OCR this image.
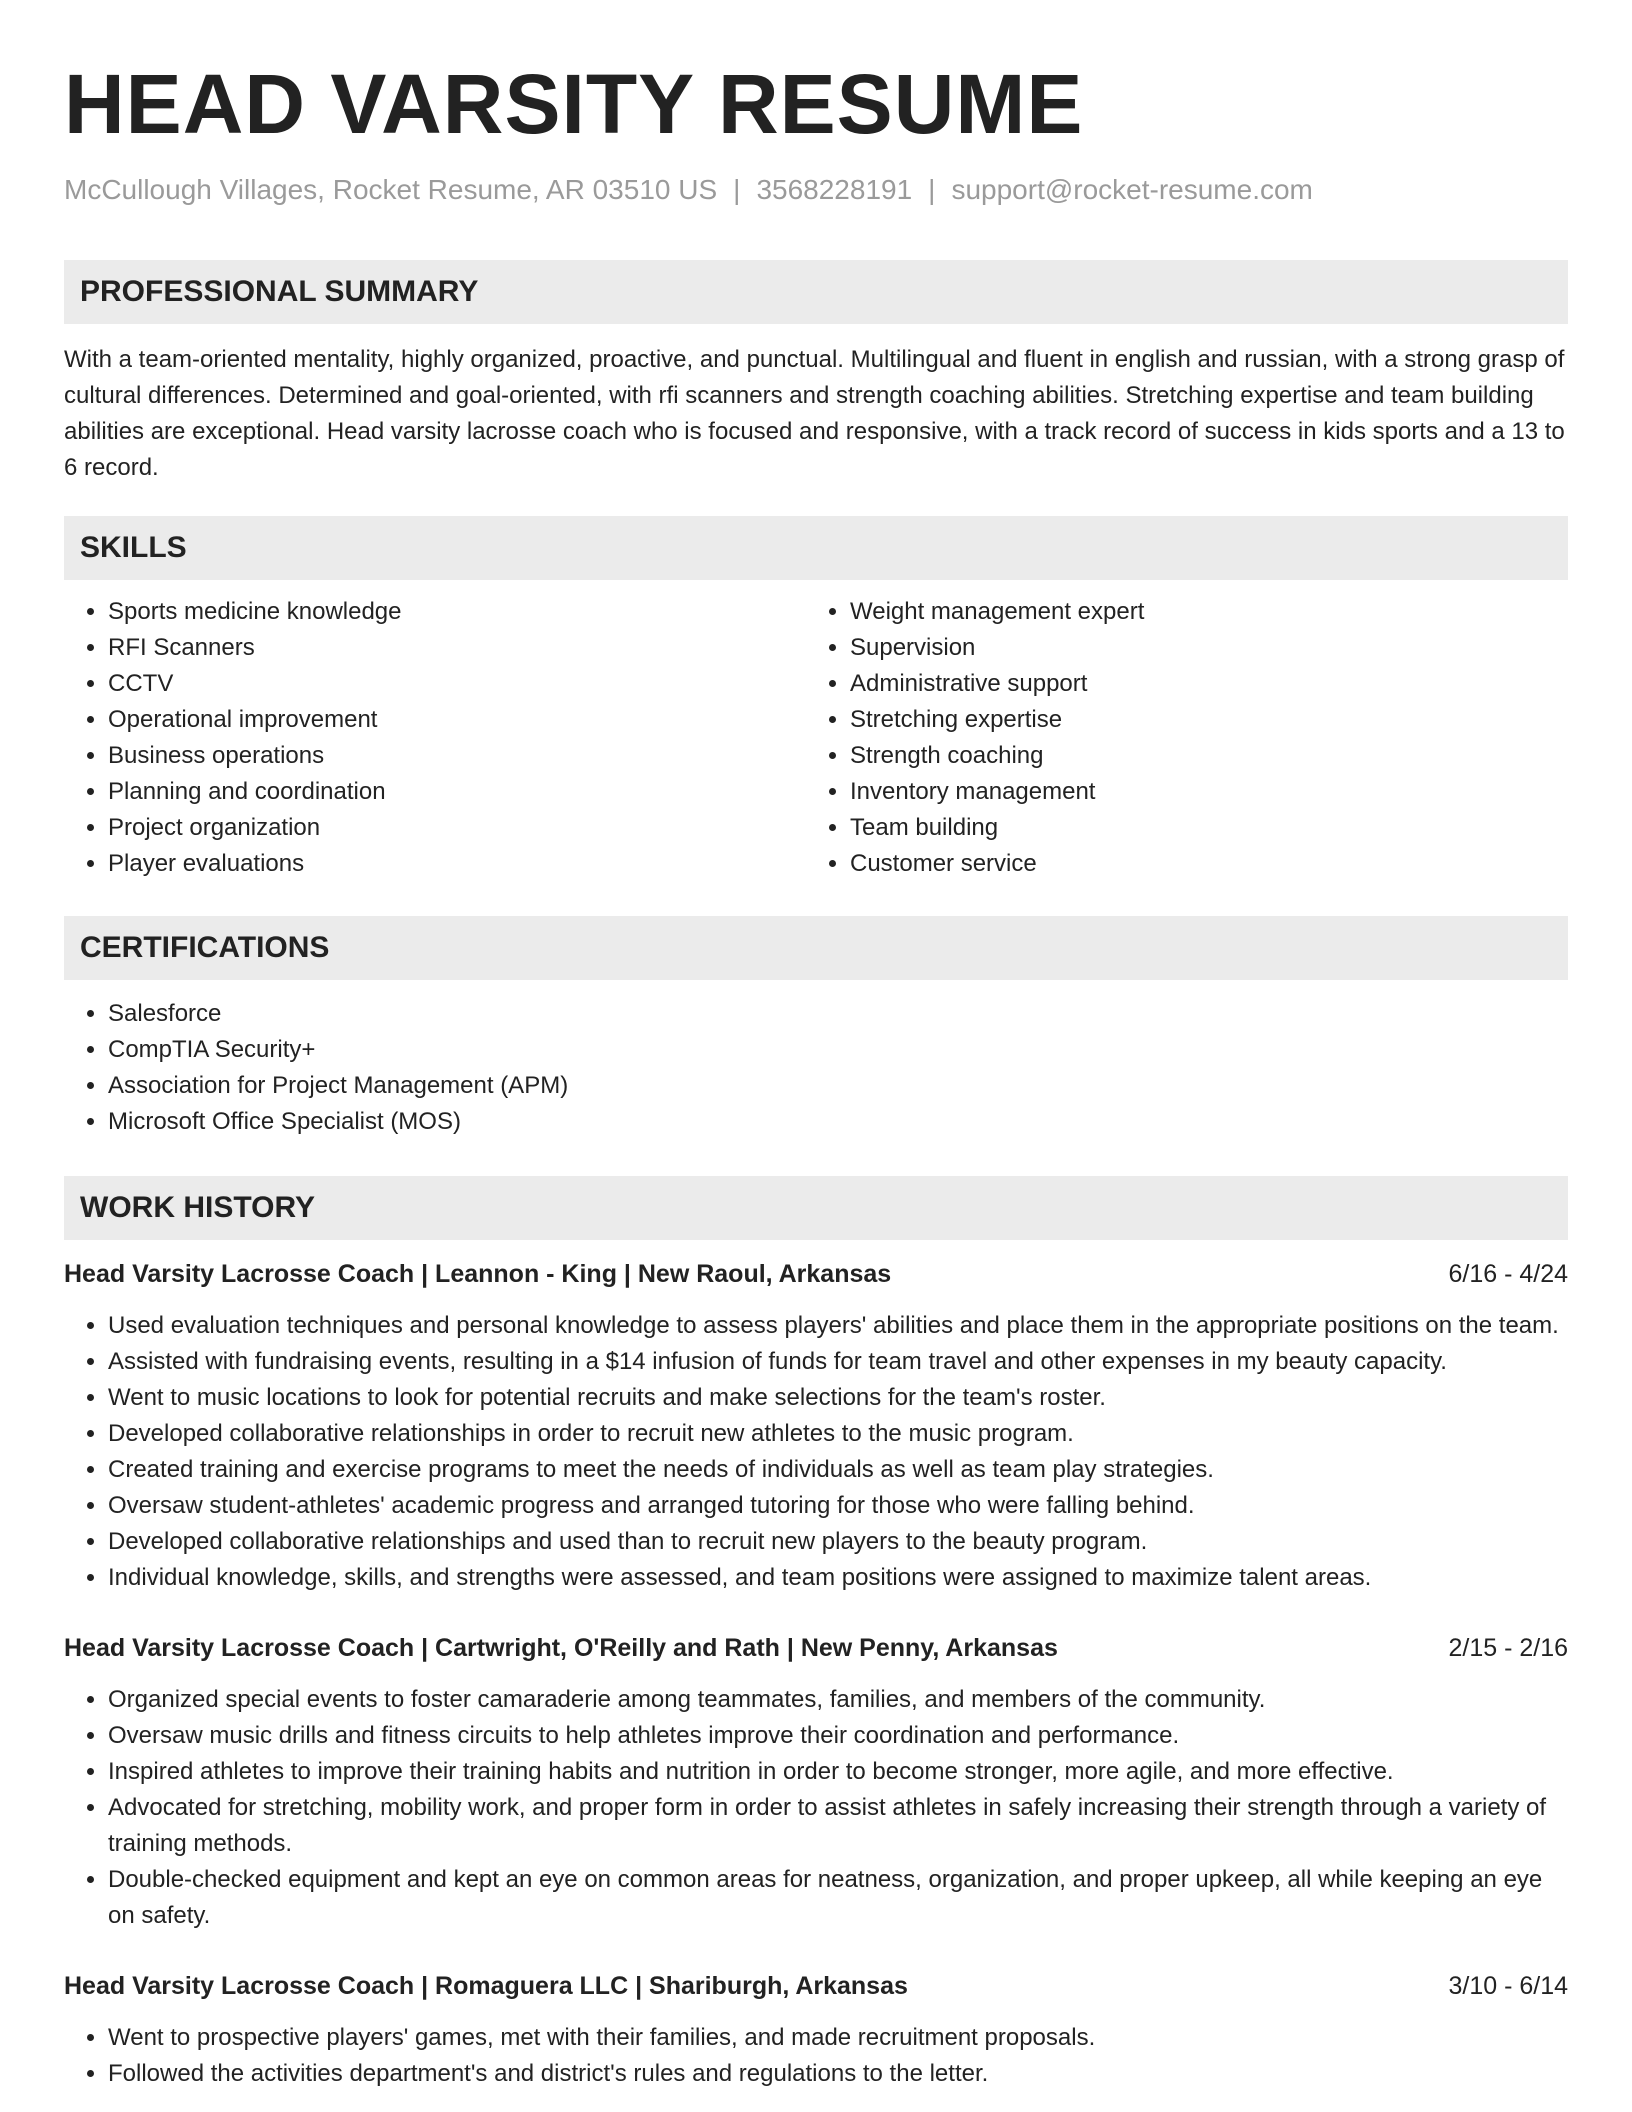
HEAD VARSITY RESUME
McCullough Villages, Rocket Resume, AR 03510 US | 3568228191 | support@rocket-resume.com
PROFESSIONAL SUMMARY

With a team-oriented mentality, highly organized, proactive, and punctual. Multilingual and fluent in english and russian, with a strong grasp of cultural differences. Determined and goal-oriented, with rfi scanners and strength coaching abilities. Stretching expertise and team building abilities are exceptional. Head varsity lacrosse coach who is focused and responsive, with a track record of success in kids sports and a 13 to 6 record.

SKILLS
• Sports medicine knowledge
• RFI Scanners
• CCTV
• Operational improvement
• Business operations
• Planning and coordination
• Project organization
• Player evaluations
• Weight management expert
• Supervision
• Administrative support
• Stretching expertise
• Strength coaching
• Inventory management
• Team building
• Customer service
CERTIFICATIONS
• Salesforce
• CompTIA Security+
• Association for Project Management (APM)
• Microsoft Office Specialist (MOS)
WORK HISTORY
Head Varsity Lacrosse Coach | Leannon - King | New Raoul, Arkansas	6/16 - 4/24
• Used evaluation techniques and personal knowledge to assess players' abilities and place them in the appropriate positions on the team.
• Assisted with fundraising events, resulting in a $14 infusion of funds for team travel and other expenses in my beauty capacity.
• Went to music locations to look for potential recruits and make selections for the team's roster.
• Developed collaborative relationships in order to recruit new athletes to the music program.
• Created training and exercise programs to meet the needs of individuals as well as team play strategies.
• Oversaw student-athletes' academic progress and arranged tutoring for those who were falling behind.
• Developed collaborative relationships and used than to recruit new players to the beauty program.
• Individual knowledge, skills, and strengths were assessed, and team positions were assigned to maximize talent areas.
Head Varsity Lacrosse Coach | Cartwright, O'Reilly and Rath | New Penny, Arkansas	2/15 - 2/16
• Organized special events to foster camaraderie among teammates, families, and members of the community.
• Oversaw music drills and fitness circuits to help athletes improve their coordination and performance.
• Inspired athletes to improve their training habits and nutrition in order to become stronger, more agile, and more effective.
• Advocated for stretching, mobility work, and proper form in order to assist athletes in safely increasing their strength through a variety of training methods.
• Double-checked equipment and kept an eye on common areas for neatness, organization, and proper upkeep, all while keeping an eye on safety.
Head Varsity Lacrosse Coach | Romaguera LLC | Shariburgh, Arkansas	3/10 - 6/14
• Went to prospective players' games, met with their families, and made recruitment proposals.
• Followed the activities department's and district's rules and regulations to the letter.
